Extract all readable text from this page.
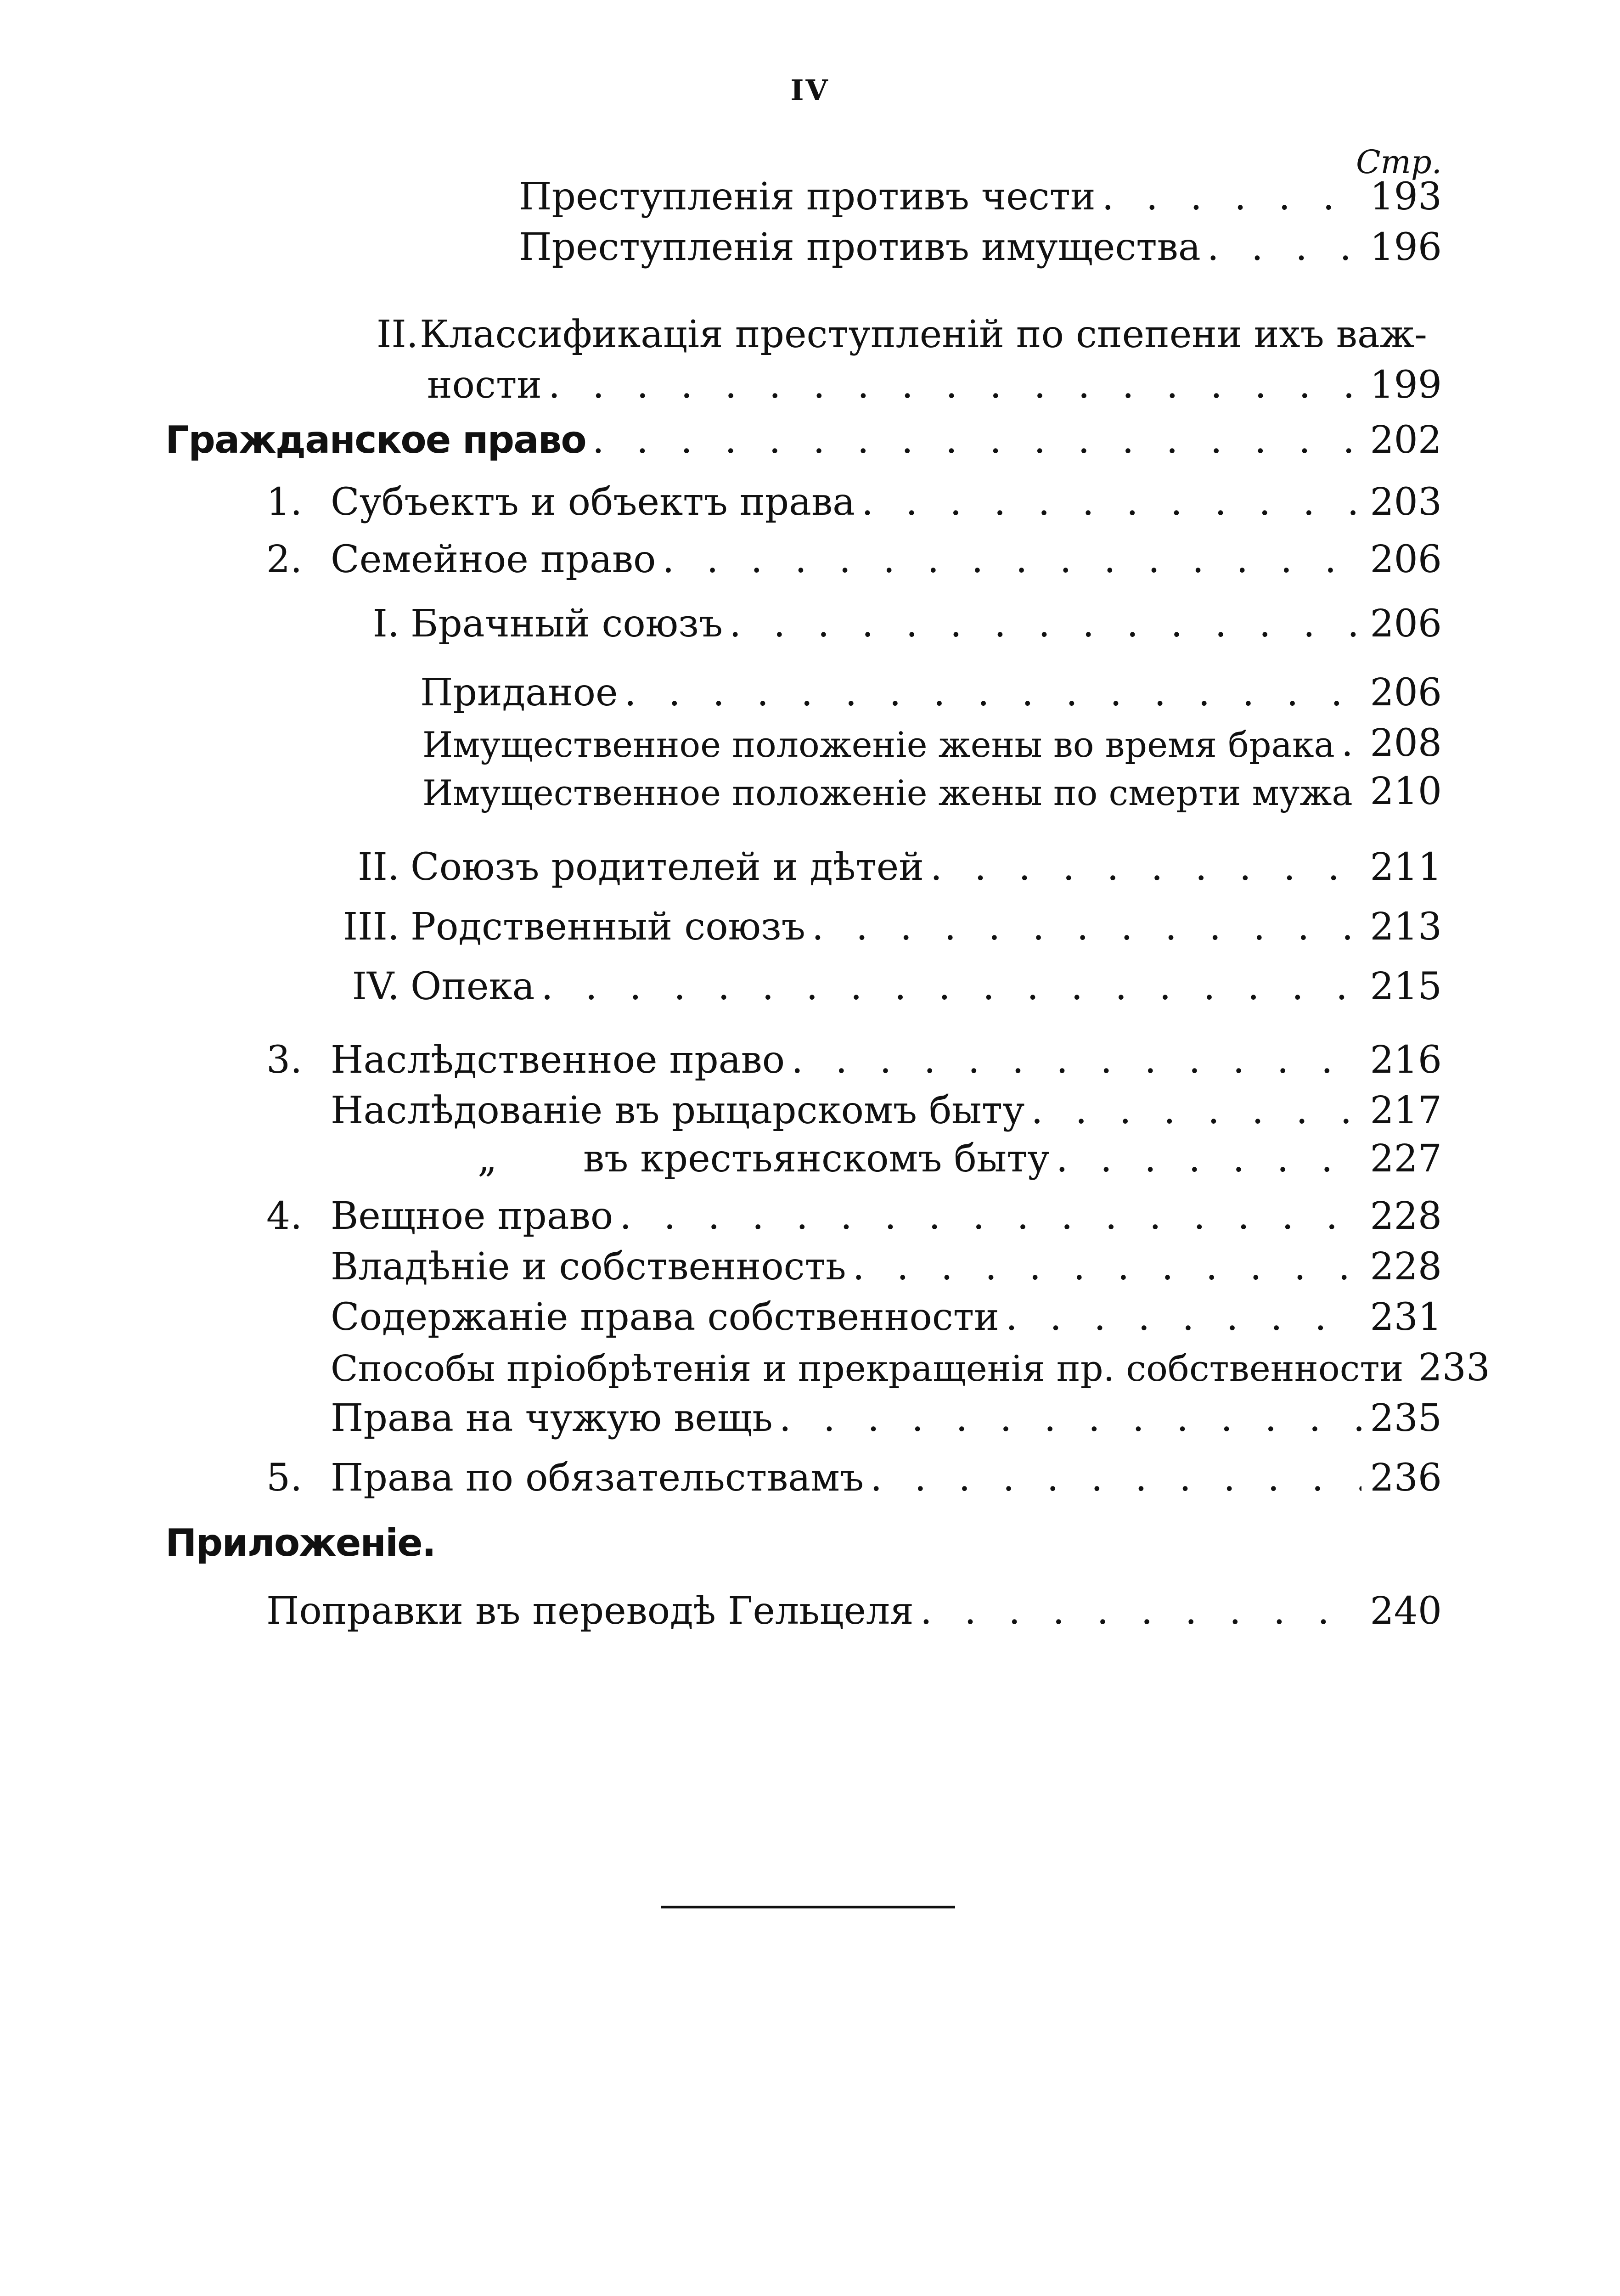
IV
Стр.
Преступленія противъ чести . . .	193
Преступленія противъ имущества . . .	196
II. Классификація преступленій по спепени ихъ важ-
ности . . .	199
Гражданское право . . .	202
1. Субъектъ и объектъ права . . .	203
2. Семейное право . . .	206
I. Брачный союзъ . . .	206
Приданое . . .	206
Имущественное положеніе жены во время брака . . . 208
Имущественное положеніе жены по смерти мужа . . . 210
II. Союзъ родителей и дѣтей . . .	211
III. Родственный союзъ . . .	213
IV. Опека . . .	215
3. Наслѣдственное право . . .	216
Наслѣдованіе въ рыцарскомъ быту . . .	217
„	въ крестьянскомъ быту . . .	227
4. Вещное право . . .	228
Владѣніе и собственность . . .	228
Содержаніе права собственности . . .	231
Способы пріобрѣтенія и прекращенія пр. собственности 233
Права на чужую вещь . . .	235
5. Права по обязательствамъ . . .	236
Приложеніе.
Поправки въ переводѣ Гельцеля . . .	240
